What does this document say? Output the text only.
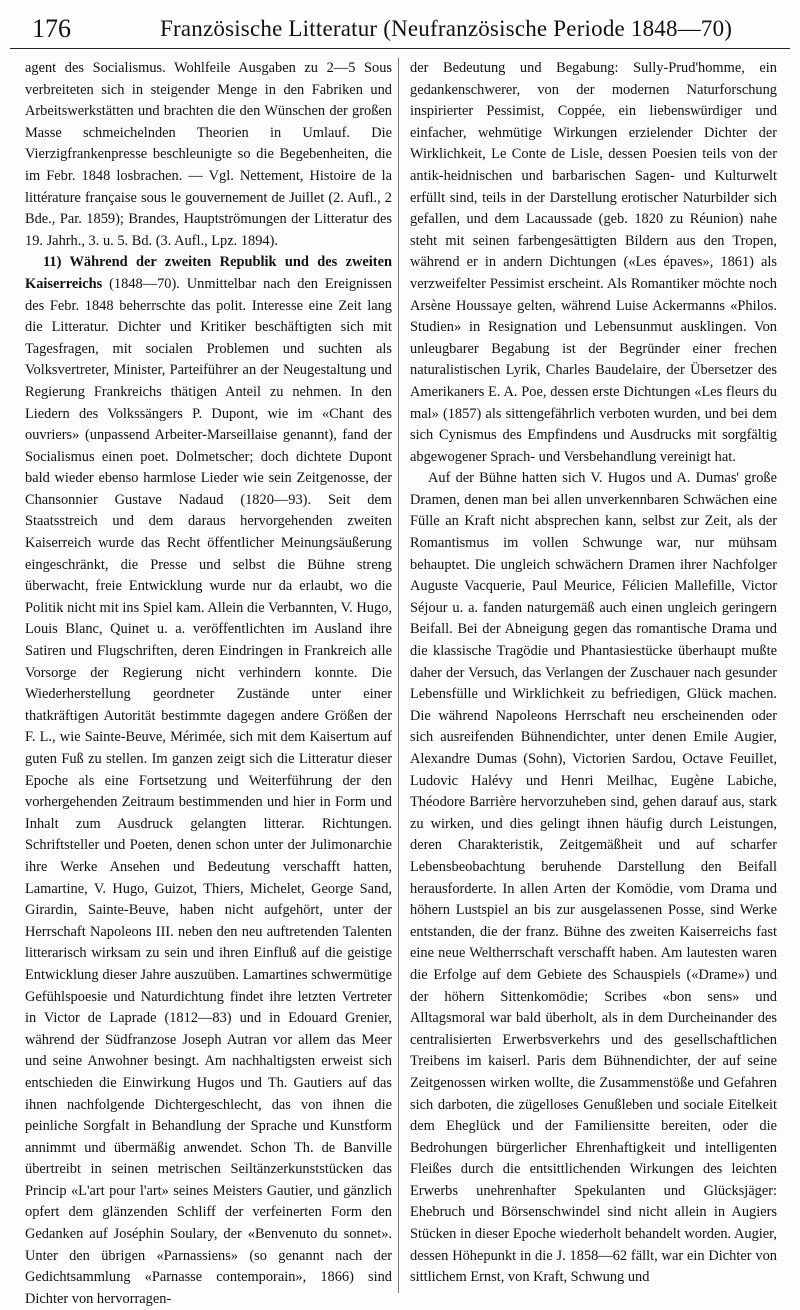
176	Französische Litteratur (Neufranzösische Periode 1848—70)

agent des Socialismus. Wohlfeile Ausgaben zu 2—5 Sous verbreiteten sich in steigender Menge in den Fabriken und Arbeitswerkstätten und brachten die den Wünschen der großen Masse schmeichelnden Theorien in Umlauf. Die Vierzigfrankenpresse beschleunigte so die Begebenheiten, die im Febr. 1848 losbrachen. — Vgl. Nettement, Histoire de la littérature française sous le gouvernement de Juillet (2. Aufl., 2 Bde., Par. 1859); Brandes, Hauptströmungen der Litteratur des 19. Jahrh., 3. u. 5. Bd. (3. Aufl., Lpz. 1894).

11) Während der zweiten Republik und des zweiten Kaiserreichs (1848—70). Unmittelbar nach den Ereignissen des Febr. 1848 beherrschte das polit. Interesse eine Zeit lang die Litteratur. Dichter und Kritiker beschäftigten sich mit Tagesfragen, mit socialen Problemen und suchten als Volksvertreter, Minister, Parteiführer an der Neugestaltung und Regierung Frankreichs thätigen Anteil zu nehmen. In den Liedern des Volkssängers P. Dupont, wie im «Chant des ouvriers» (unpassend Arbeiter-Marseillaise genannt), fand der Socialismus einen poet. Dolmetscher; doch dichtete Dupont bald wieder ebenso harmlose Lieder wie sein Zeitgenosse, der Chansonnier Gustave Nadaud (1820—93). Seit dem Staatsstreich und dem daraus hervorgehenden zweiten Kaiserreich wurde das Recht öffentlicher Meinungsäußerung eingeschränkt, die Presse und selbst die Bühne streng überwacht, freie Entwicklung wurde nur da erlaubt, wo die Politik nicht mit ins Spiel kam. Allein die Verbannten, V. Hugo, Louis Blanc, Quinet u. a. veröffentlichten im Ausland ihre Satiren und Flugschriften, deren Eindringen in Frankreich alle Vorsorge der Regierung nicht verhindern konnte. Die Wiederherstellung geordneter Zustände unter einer thatkräftigen Autorität bestimmte dagegen andere Größen der F. L., wie Sainte-Beuve, Mérimée, sich mit dem Kaisertum auf guten Fuß zu stellen. Im ganzen zeigt sich die Litteratur dieser Epoche als eine Fortsetzung und Weiterführung der den vorhergehenden Zeitraum bestimmenden und hier in Form und Inhalt zum Ausdruck gelangten litterar. Richtungen. Schriftsteller und Poeten, denen schon unter der Julimonarchie ihre Werke Ansehen und Bedeutung verschafft hatten, Lamartine, V. Hugo, Guizot, Thiers, Michelet, George Sand, Girardin, Sainte-Beuve, haben nicht aufgehört, unter der Herrschaft Napoleons III. neben den neu auftretenden Talenten litterarisch wirksam zu sein und ihren Einfluß auf die geistige Entwicklung dieser Jahre auszuüben. Lamartines schwermütige Gefühlspoesie und Naturdichtung findet ihre letzten Vertreter in Victor de Laprade (1812—83) und in Edouard Grenier, während der Südfranzose Joseph Autran vor allem das Meer und seine Anwohner besingt. Am nachhaltigsten erweist sich entschieden die Einwirkung Hugos und Th. Gautiers auf das ihnen nachfolgende Dichtergeschlecht, das von ihnen die peinliche Sorgfalt in Behandlung der Sprache und Kunstform annimmt und übermäßig anwendet. Schon Th. de Banville übertreibt in seinen metrischen Seiltänzerkunststücken das Princip «L'art pour l'art» seines Meisters Gautier, und gänzlich opfert dem glänzenden Schliff der verfeinerten Form den Gedanken auf Joséphin Soulary, der «Benvenuto du sonnet». Unter den übrigen «Parnassiens» (so genannt nach der Gedichtsammlung «Parnasse contemporain», 1866) sind Dichter von hervorragen-

der Bedeutung und Begabung: Sully-Prud'homme, ein gedankenschwerer, von der modernen Naturforschung inspirierter Pessimist, Coppée, ein liebenswürdiger und einfacher, wehmütige Wirkungen erzielender Dichter der Wirklichkeit, Le Conte de Lisle, dessen Poesien teils von der antik-heidnischen und barbarischen Sagen- und Kulturwelt erfüllt sind, teils in der Darstellung erotischer Naturbilder sich gefallen, und dem Lacaussade (geb. 1820 zu Réunion) nahe steht mit seinen farbengesättigten Bildern aus den Tropen, während er in andern Dichtungen («Les épaves», 1861) als verzweifelter Pessimist erscheint. Als Romantiker möchte noch Arsène Houssaye gelten, während Luise Ackermanns «Philos. Studien» in Resignation und Lebensunmut ausklingen. Von unleugbarer Begabung ist der Begründer einer frechen naturalistischen Lyrik, Charles Baudelaire, der Übersetzer des Amerikaners E. A. Poe, dessen erste Dichtungen «Les fleurs du mal» (1857) als sittengefährlich verboten wurden, und bei dem sich Cynismus des Empfindens und Ausdrucks mit sorgfältig abgewogener Sprach- und Versbehandlung vereinigt hat.

Auf der Bühne hatten sich V. Hugos und A. Dumas' große Dramen, denen man bei allen unverkennbaren Schwächen eine Fülle an Kraft nicht absprechen kann, selbst zur Zeit, als der Romantismus im vollen Schwunge war, nur mühsam behauptet. Die ungleich schwächern Dramen ihrer Nachfolger Auguste Vacquerie, Paul Meurice, Félicien Mallefille, Victor Séjour u. a. fanden naturgemäß auch einen ungleich geringern Beifall. Bei der Abneigung gegen das romantische Drama und die klassische Tragödie und Phantasiestücke überhaupt mußte daher der Versuch, das Verlangen der Zuschauer nach gesunder Lebensfülle und Wirklichkeit zu befriedigen, Glück machen. Die während Napoleons Herrschaft neu erscheinenden oder sich ausreifenden Bühnendichter, unter denen Emile Augier, Alexandre Dumas (Sohn), Victorien Sardou, Octave Feuillet, Ludovic Halévy und Henri Meilhac, Eugène Labiche, Théodore Barrière hervorzuheben sind, gehen darauf aus, stark zu wirken, und dies gelingt ihnen häufig durch Leistungen, deren Charakteristik, Zeitgemäßheit und auf scharfer Lebensbeobachtung beruhende Darstellung den Beifall herausforderte. In allen Arten der Komödie, vom Drama und höhern Lustspiel an bis zur ausgelassenen Posse, sind Werke entstanden, die der franz. Bühne des zweiten Kaiserreichs fast eine neue Weltherrschaft verschafft haben. Am lautesten waren die Erfolge auf dem Gebiete des Schauspiels («Drame») und der höhern Sittenkomödie; Scribes «bon sens» und Alltagsmoral war bald überholt, als in dem Durcheinander des centralisierten Erwerbsverkehrs und des gesellschaftlichen Treibens im kaiserl. Paris dem Bühnendichter, der auf seine Zeitgenossen wirken wollte, die Zusammenstöße und Gefahren sich darboten, die zügelloses Genußleben und sociale Eitelkeit dem Eheglück und der Familiensitte bereiten, oder die Bedrohungen bürgerlicher Ehrenhaftigkeit und intelligenten Fleißes durch die entsittlichenden Wirkungen des leichten Erwerbs unehrenhafter Spekulanten und Glücksjäger: Ehebruch und Börsenschwindel sind nicht allein in Augiers Stücken in dieser Epoche wiederholt behandelt worden. Augier, dessen Höhepunkt in die J. 1858—62 fällt, war ein Dichter von sittlichem Ernst, von Kraft, Schwung und
